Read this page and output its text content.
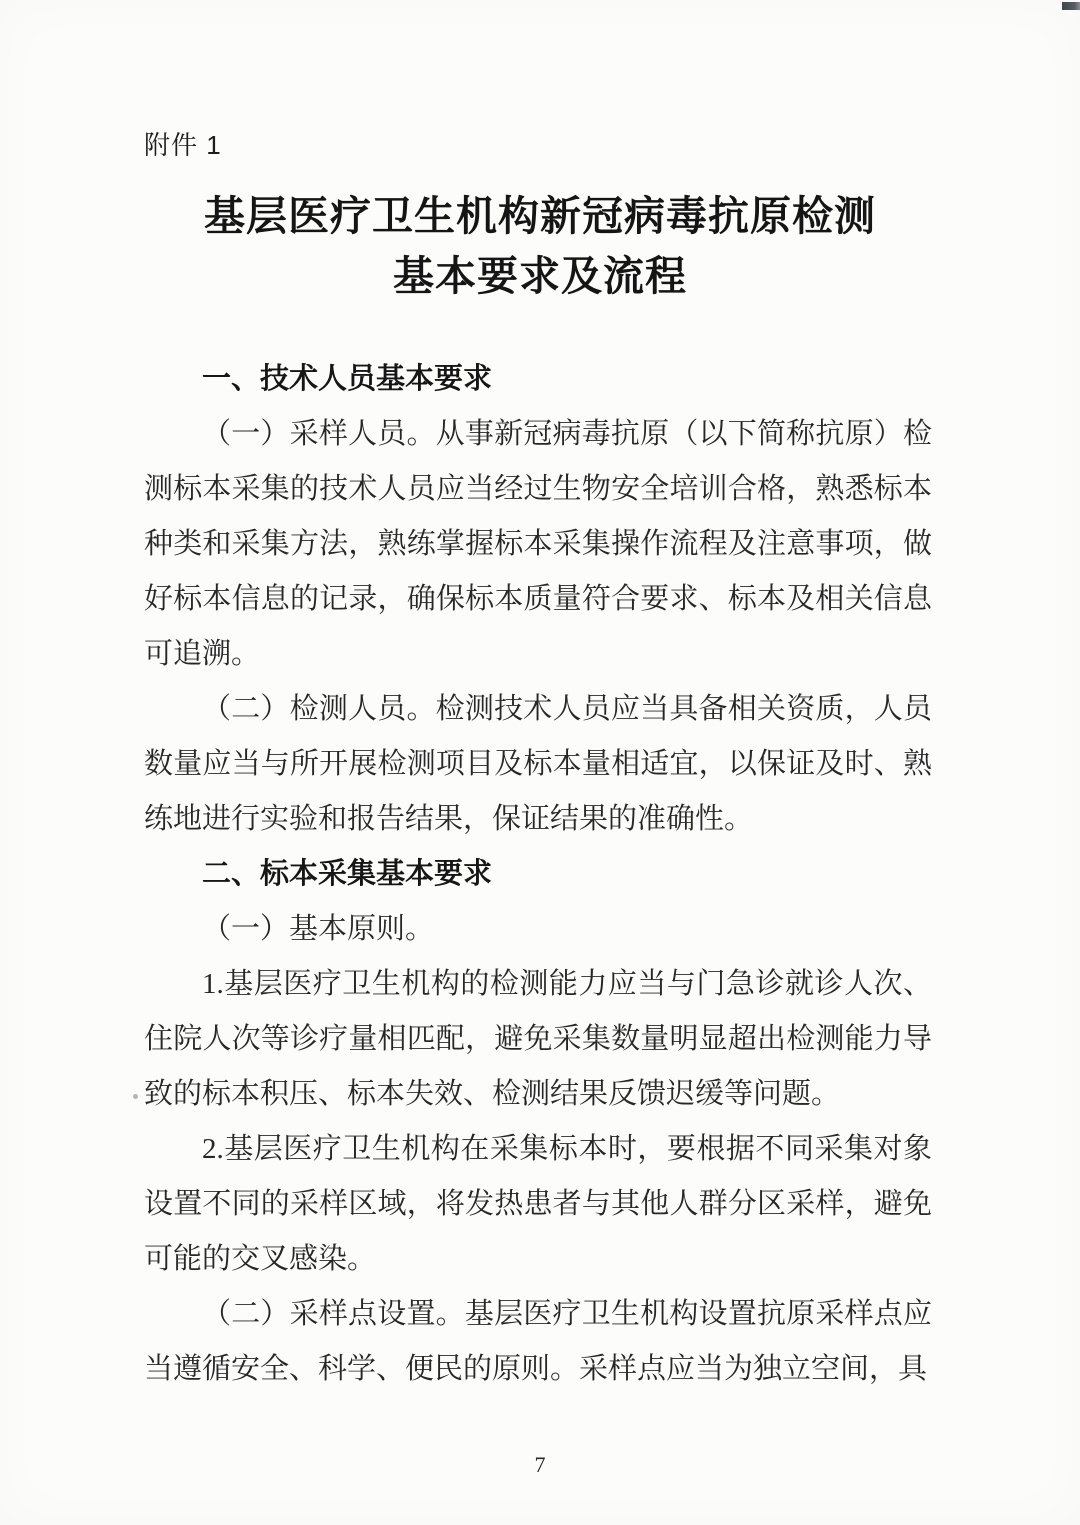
附件 1
基层医疗卫生机构新冠病毒抗原检测
基本要求及流程
一、技术人员基本要求
（一）采样人员。从事新冠病毒抗原（以下简称抗原）检测标本采集的技术人员应当经过生物安全培训合格，熟悉标本种类和采集方法，熟练掌握标本采集操作流程及注意事项，做好标本信息的记录，确保标本质量符合要求、标本及相关信息可追溯。
（二）检测人员。检测技术人员应当具备相关资质，人员数量应当与所开展检测项目及标本量相适宜，以保证及时、熟练地进行实验和报告结果，保证结果的准确性。
二、标本采集基本要求
（一）基本原则。
1.基层医疗卫生机构的检测能力应当与门急诊就诊人次、住院人次等诊疗量相匹配，避免采集数量明显超出检测能力导致的标本积压、标本失效、检测结果反馈迟缓等问题。
2.基层医疗卫生机构在采集标本时，要根据不同采集对象设置不同的采样区域，将发热患者与其他人群分区采样，避免可能的交叉感染。
（二）采样点设置。基层医疗卫生机构设置抗原采样点应当遵循安全、科学、便民的原则。采样点应当为独立空间，具
7
